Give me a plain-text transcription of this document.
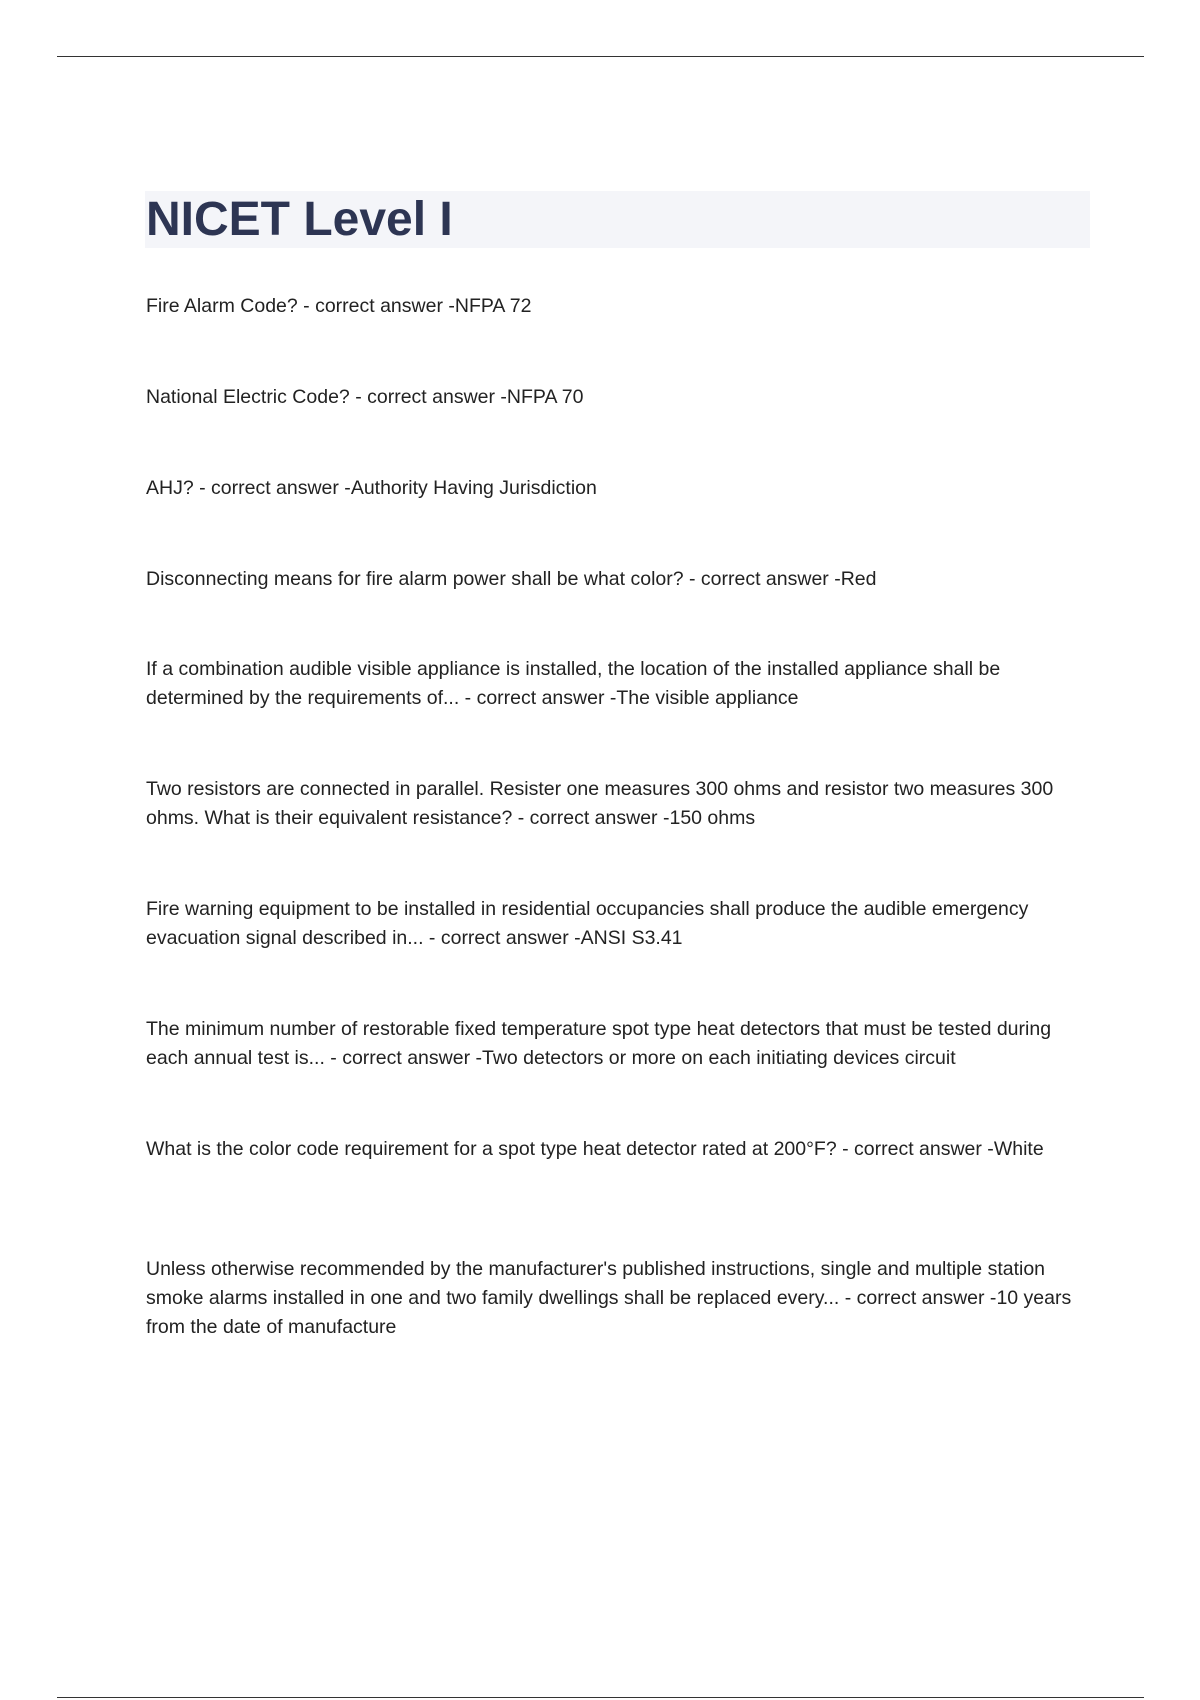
NICET Level I
Fire Alarm Code? - correct answer -NFPA 72
National Electric Code? - correct answer -NFPA 70
AHJ? - correct answer -Authority Having Jurisdiction
Disconnecting means for fire alarm power shall be what color? - correct answer -Red
If a combination audible visible appliance is installed, the location of the installed appliance shall be determined by the requirements of... - correct answer -The visible appliance
Two resistors are connected in parallel. Resister one measures 300 ohms and resistor two measures 300 ohms. What is their equivalent resistance? - correct answer -150 ohms
Fire warning equipment to be installed in residential occupancies shall produce the audible emergency evacuation signal described in... - correct answer -ANSI S3.41
The minimum number of restorable fixed temperature spot type heat detectors that must be tested during each annual test is... - correct answer -Two detectors or more on each initiating devices circuit
What is the color code requirement for a spot type heat detector rated at 200°F? - correct answer -White
Unless otherwise recommended by the manufacturer's published instructions, single and multiple station smoke alarms installed in one and two family dwellings shall be replaced every... - correct answer -10 years from the date of manufacture
